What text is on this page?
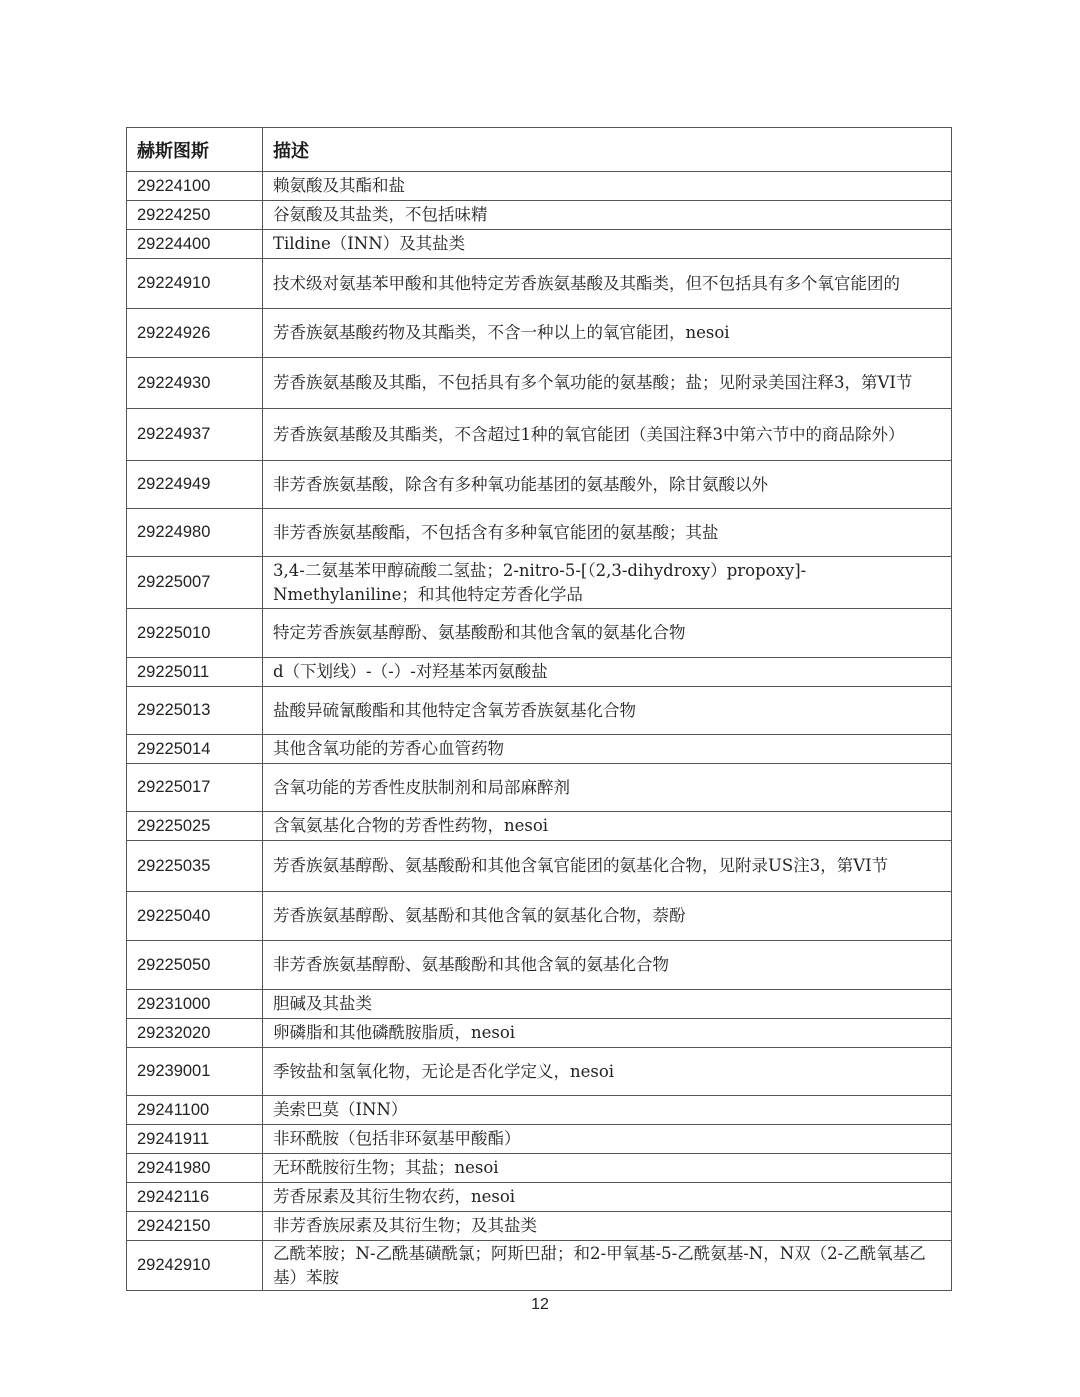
赫斯图斯	描述
29224100	赖氨酸及其酯和盐
29224250	谷氨酸及其盐类，不包括味精
29224400	Tildine（INN）及其盐类
29224910	技术级对氨基苯甲酸和其他特定芳香族氨基酸及其酯类，但不包括具有多个氧官能团的
29224926	芳香族氨基酸药物及其酯类，不含一种以上的氧官能团，nesoi
29224930	芳香族氨基酸及其酯，不包括具有多个氧功能的氨基酸；盐；见附录美国注释3，第VI节
29224937	芳香族氨基酸及其酯类，不含超过1种的氧官能团（美国注释3中第六节中的商品除外）
29224949	非芳香族氨基酸，除含有多种氧功能基团的氨基酸外，除甘氨酸以外
29224980	非芳香族氨基酸酯，不包括含有多种氧官能团的氨基酸；其盐
29225007	3,4-二氨基苯甲醇硫酸二氢盐；2-nitro-5-[（2,3-dihydroxy）propoxy]-Nmethylaniline；和其他特定芳香化学品
29225010	特定芳香族氨基醇酚、氨基酸酚和其他含氧的氨基化合物
29225011	d（下划线）-（-）-对羟基苯丙氨酸盐
29225013	盐酸异硫氰酸酯和其他特定含氧芳香族氨基化合物
29225014	其他含氧功能的芳香心血管药物
29225017	含氧功能的芳香性皮肤制剂和局部麻醉剂
29225025	含氧氨基化合物的芳香性药物，nesoi
29225035	芳香族氨基醇酚、氨基酸酚和其他含氧官能团的氨基化合物，见附录US注3，第VI节
29225040	芳香族氨基醇酚、氨基酚和其他含氧的氨基化合物，萘酚
29225050	非芳香族氨基醇酚、氨基酸酚和其他含氧的氨基化合物
29231000	胆碱及其盐类
29232020	卵磷脂和其他磷酰胺脂质，nesoi
29239001	季铵盐和氢氧化物，无论是否化学定义，nesoi
29241100	美索巴莫（INN）
29241911	非环酰胺（包括非环氨基甲酸酯）
29241980	无环酰胺衍生物；其盐；nesoi
29242116	芳香尿素及其衍生物农药，nesoi
29242150	非芳香族尿素及其衍生物；及其盐类
29242910	乙酰苯胺；N-乙酰基磺酰氯；阿斯巴甜；和2-甲氧基-5-乙酰氨基-N，N双（2-乙酰氧基乙基）苯胺
12
